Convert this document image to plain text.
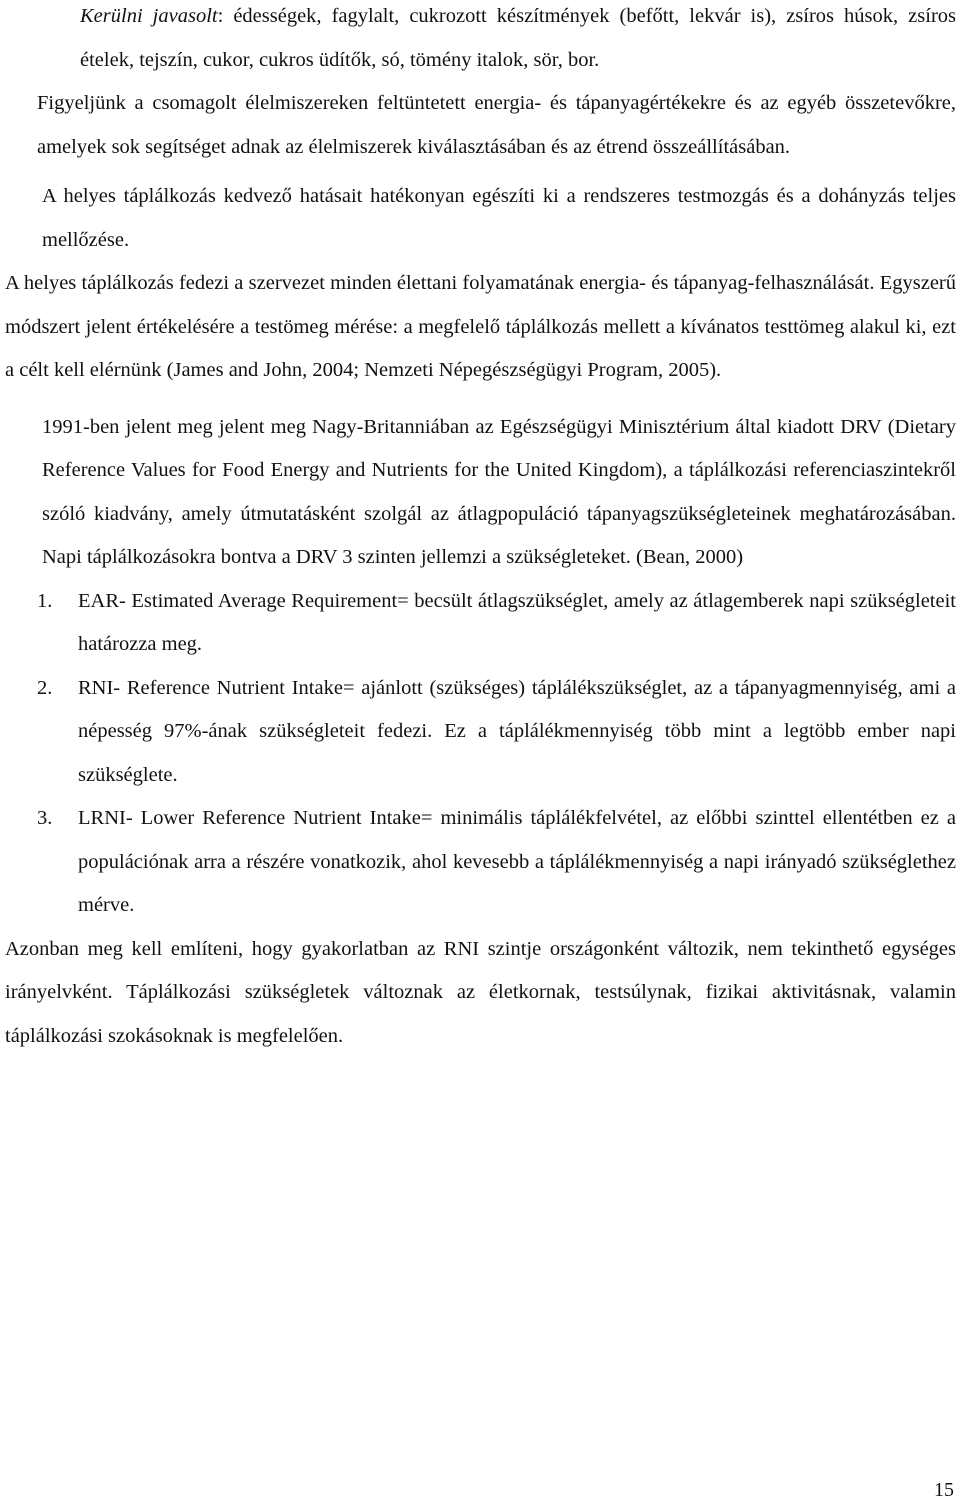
Kerülni javasolt: édességek, fagylalt, cukrozott készítmények (befőtt, lekvár is), zsíros húsok, zsíros ételek, tejszín, cukor, cukros üdítők, só, tömény italok, sör, bor.

Figyeljünk a csomagolt élelmiszereken feltüntetett energia- és tápanyagértékekre és az egyéb összetevőkre, amelyek sok segítséget adnak az élelmiszerek kiválasztásában és az étrend összeállításában.

A helyes táplálkozás kedvező hatásait hatékonyan egészíti ki a rendszeres testmozgás és a dohányzás teljes mellőzése.

A helyes táplálkozás fedezi a szervezet minden élettani folyamatának energia- és tápanyag-felhasználását. Egyszerű módszert jelent értékelésére a testömeg mérése: a megfelelő táplálkozás mellett a kívánatos testtömeg alakul ki, ezt a célt kell elérnünk (James and John, 2004; Nemzeti Népegészségügyi Program, 2005).

1991-ben jelent meg jelent meg Nagy-Britanniában az Egészségügyi Minisztérium által kiadott DRV (Dietary Reference Values for Food Energy and Nutrients for the United Kingdom), a táplálkozási referenciaszintekről szóló kiadvány, amely útmutatásként szolgál az átlagpopuláció tápanyagszükségleteinek meghatározásában. Napi táplálkozásokra bontva a DRV 3 szinten jellemzi a szükségleteket. (Bean, 2000)

1. EAR- Estimated Average Requirement= becsült átlagszükséglet, amely az átlagemberek napi szükségleteit határozza meg.
2. RNI- Reference Nutrient Intake= ajánlott (szükséges) táplálékszükséglet, az a tápanyagmennyiség, ami a népesség 97%-ának szükségleteit fedezi. Ez a táplálékmennyiség több mint a legtöbb ember napi szükséglete.
3. LRNI- Lower Reference Nutrient Intake= minimális táplálékfelvétel, az előbbi szinttel ellentétben ez a populációnak arra a részére vonatkozik, ahol kevesebb a táplálékmennyiség a napi irányadó szükséglethez mérve.

Azonban meg kell említeni, hogy gyakorlatban az RNI szintje országonként változik, nem tekinthető egységes irányelvként. Táplálkozási szükségletek változnak az életkornak, testsúlynak, fizikai aktivitásnak, valamin táplálkozási szokásoknak is megfelelően.

15
